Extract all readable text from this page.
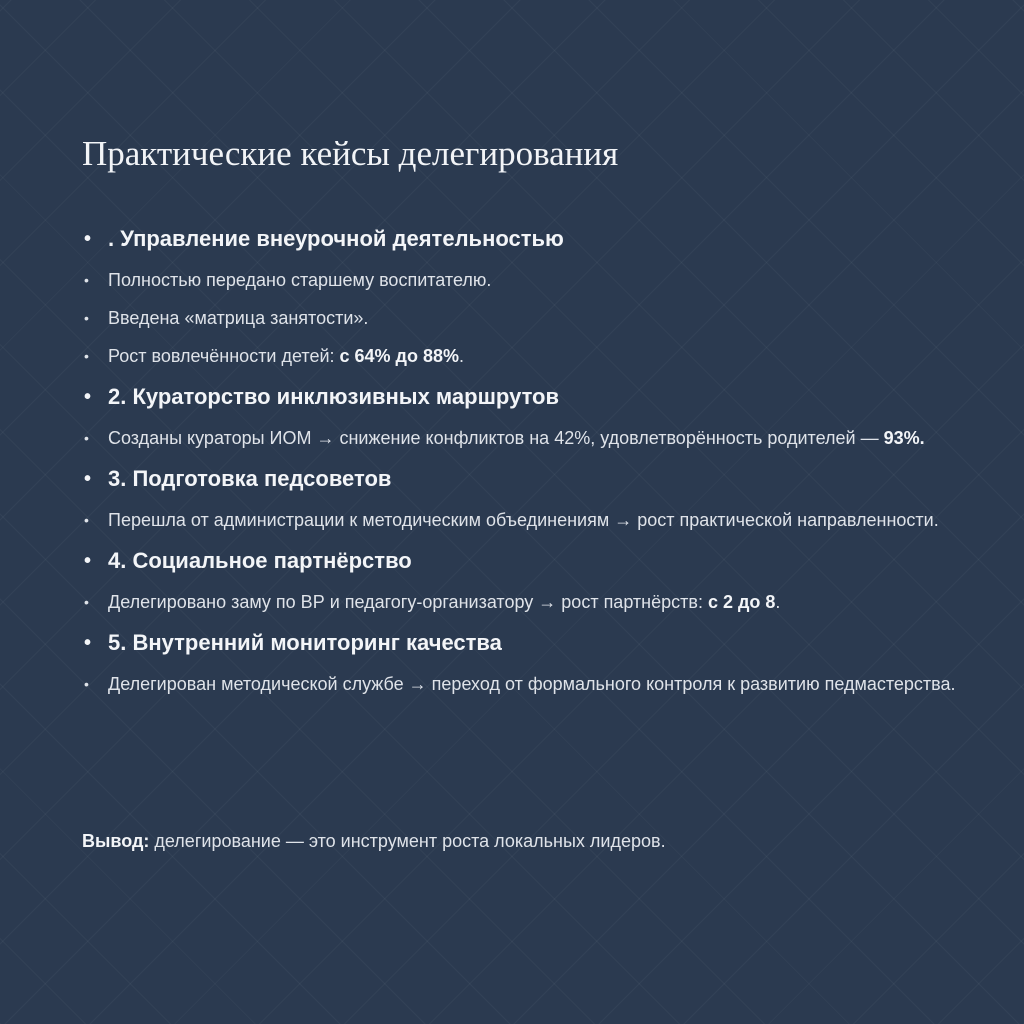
Практические кейсы делегирования
• . Управление внеурочной деятельностью
• Полностью передано старшему воспитателю.
• Введена «матрица занятости».
• Рост вовлечённости детей: с 64% до 88%.
• 2. Кураторство инклюзивных маршрутов
• Созданы кураторы ИОМ → снижение конфликтов на 42%, удовлетворённость родителей — 93%.
• 3. Подготовка педсоветов
• Перешла от администрации к методическим объединениям → рост практической направленности.
• 4. Социальное партнёрство
• Делегировано заму по ВР и педагогу-организатору → рост партнёрств: с 2 до 8.
• 5. Внутренний мониторинг качества
• Делегирован методической службе → переход от формального контроля к развитию педмастерства.
Вывод: делегирование — это инструмент роста локальных лидеров.
